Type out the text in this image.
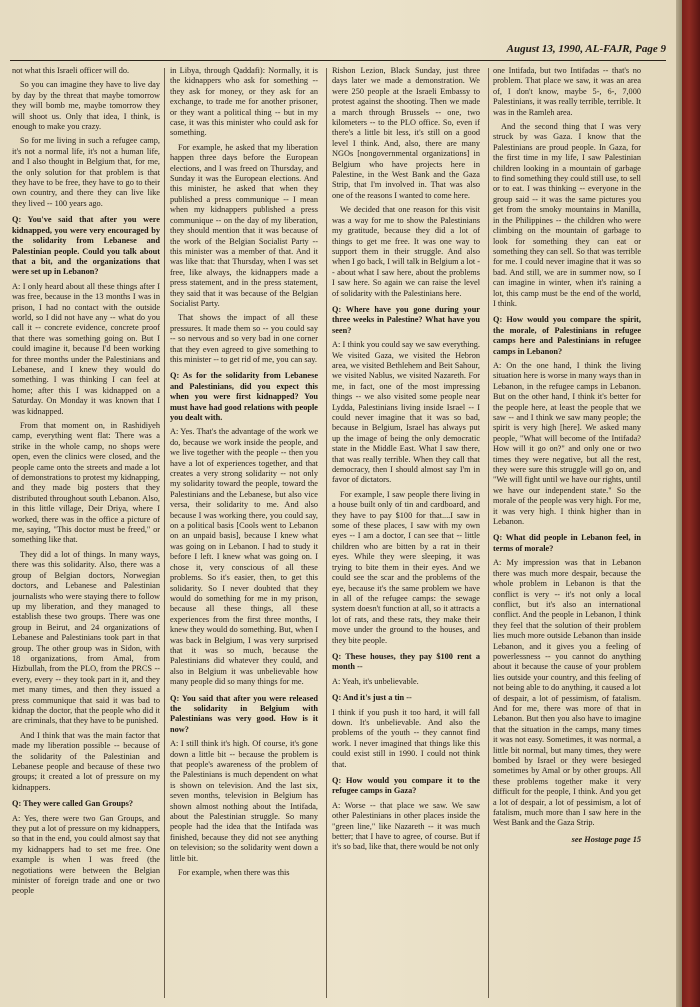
August 13, 1990, AL-FAJR, Page 9

not what this Israeli officer will do.

So you can imagine they have to live day by day by the threat that maybe tomorrow they will bomb me, maybe tomorrow they will shoot us. Only that idea, I think, is enough to make you crazy.

So for me living in such a refugee camp, it's not a normal life, it's not a human life, and I also thought in Belgium that, for me, the only solution for that problem is that they have to be free, they have to go to their own country, and there they can live like they lived -- 100 years ago.

Q: You've said that after you were kidnapped, you were very encouraged by the solidarity from Lebanese and Palestinian people. Could you talk about that a bit, and the organizations that were set up in Lebanon?

A: I only heard about all these things after I was free, because in the 13 months I was in prison, I had no contact with the outside world, so I did not have any -- what do you call it -- concrete evidence, concrete proof that there was something going on. But I could imagine it, because I'd been working for three months under the Palestinians and Lebanese, and I knew they would do something. I was thinking I can feel at home; after this I was kidnapped on a Saturday. On Monday it was known that I was kidnapped.

From that moment on, in Rashidiyeh camp, everything went flat: There was a strike in the whole camp, no shops were open, even the clinics were closed, and the people came onto the streets and made a lot of demonstrations to protest my kidnapping, and they made big posters that they distributed throughout south Lebanon. Also, in this little village, Deir Driya, where I worked, there was in the office a picture of me, saying, "This doctor must be freed," or something like that.

They did a lot of things. In many ways, there was this solidarity. Also, there was a group of Belgian doctors, Norwegian doctors, and Lebanese and Palestinian journalists who were staying there to follow up my liberation, and they managed to establish these two groups. There was one group in Beirut, and 24 organizations of Lebanese and Palestinians took part in that group. The other group was in Sidon, with 18 organizations, from Amal, from Hizbullah, from the PLO, from the PRCS -- every, every -- they took part in it, and they met many times, and then they issued a press communique that said it was bad to kidnap the doctor, that the people who did it are criminals, that they have to be punished.

And I think that was the main factor that made my liberation possible -- because of the solidarity of the Palestinian and Lebanese people and because of these two groups; it created a lot of pressure on my kidnappers.

Q: They were called Gan Groups?

A: Yes, there were two Gan Groups, and they put a lot of pressure on my kidnappers, so that in the end, you could almost say that my kidnappers had to set me free. One example is when I was freed (the negotiations were between the Belgian minister of foreign trade and one or two people

in Libya, through Qaddafi): Normally, it is the kidnappers who ask for something -- they ask for money, or they ask for an exchange, to trade me for another prisoner, or they want a political thing -- but in my case, it was this minister who could ask for something.

For example, he asked that my liberation happen three days before the European elections, and I was freed on Thursday, and Sunday it was the European elections. And this minister, he asked that when they published a press communique -- I mean when my kidnappers published a press communique -- on the day of my liberation, they should mention that it was because of the work of the Belgian Socialist Party -- this minister was a member of that. And it was like that: that Thursday, when I was set free, like always, the kidnappers made a press statement, and in the press statement, they said that it was because of the Belgian Socialist Party.

That shows the impact of all these pressures. It made them so -- you could say -- so nervous and so very bad in one corner that they even agreed to give something to this minister -- to get rid of me, you can say.

Q: As for the solidarity from Lebanese and Palestinians, did you expect this when you were first kidnapped? You must have had good relations with people you dealt with.

A: Yes. That's the advantage of the work we do, because we work inside the people, and we live together with the people -- then you have a lot of experiences together, and that creates a very strong solidarity -- not only my solidarity toward the people, toward the Palestinians and the Lebanese, but also vice versa, their solidarity to me. And also because I was working there, you could say, on a political basis [Cools went to Lebanon on an unpaid basis], because I knew what was going on in Lebanon. I had to study it before I left. I knew what was going on. I chose it, very conscious of all these problems. So it's easier, then, to get this solidarity. So I never doubted that they would do something for me in my prison, because all these things, all these experiences from the first three months, I knew they would do something. But, when I was back in Belgium, I was very surprised that it was so much, because the Palestinians did whatever they could, and also in Belgium it was unbelievable how many people did so many things for me.

Q: You said that after you were released the solidarity in Belgium with Palestinians was very good. How is it now?

A: I still think it's high. Of course, it's gone down a little bit -- because the problem is that people's awareness of the problem of the Palestinians is much dependent on what is shown on television. And the last six, seven months, television in Belgium has shown almost nothing about the Intifada, about the Palestinian struggle. So many people had the idea that the Intifada was finished, because they did not see anything on television; so the solidarity went down a little bit.

For example, when there was this

Rishon Lezion, Black Sunday, just three days later we made a demonstration. We were 250 people at the Israeli Embassy to protest against the shooting. Then we made a march through Brussels -- one, two kilometers -- to the PLO office. So, even if there's a little bit less, it's still on a good level I think. And, also, there are many NGOs [nongovernmental organizations] in Belgium who have projects here in Palestine, in the West Bank and the Gaza Strip, that I'm involved in. That was also one of the reasons I wanted to come here.

We decided that one reason for this visit was a way for me to show the Palestinians my gratitude, because they did a lot of things to get me free. It was one way to support them in their struggle. And also when I go back, I will talk in Belgium a lot -- about what I saw here, about the problems I saw here. So again we can raise the level of solidarity with the Palestinians here.

Q: Where have you gone during your three weeks in Palestine? What have you seen?

A: I think you could say we saw everything. We visited Gaza, we visited the Hebron area, we visited Bethlehem and Beit Sahour, we visited Nablus, we visited Nazareth. For me, in fact, one of the most impressing things -- we also visited some people near Lydda, Palestinians living inside Israel -- I could never imagine that it was so bad, because in Belgium, Israel has always put up the image of being the only democratic state in the Middle East. What I saw there, that was really terrible. When they call that democracy, then I should almost say I'm in favor of dictators.

For example, I saw people there living in a house built only of tin and cardboard, and they have to pay $100 for that....I saw in some of these places, I saw with my own eyes -- I am a doctor, I can see that -- little children who are bitten by a rat in their eyes. While they were sleeping, it was trying to bite them in their eyes. And we could see the scar and the problems of the eye, because it's the same problem we have in all of the refugee camps: the sewage system doesn't function at all, so it attracts a lot of rats, and these rats, they make their move under the ground to the houses, and they bite people.

Q: These houses, they pay $100 rent a month --

A: Yeah, it's unbelievable.

Q: And it's just a tin --

I think if you push it too hard, it will fall down. It's unbelievable. And also the problems of the youth -- they cannot find work. I never imagined that things like this could exist still in 1990. I could not think that.

Q: How would you compare it to the refugee camps in Gaza?

A: Worse -- that place we saw. We saw other Palestinians in other places inside the "green line," like Nazareth -- it was much better; that I have to agree, of course. But if it's so bad, like that, there would be not only

one Intifada, but two Intifadas -- that's no problem. That place we saw, it was an area of, I don't know, maybe 5-, 6-, 7,000 Palestinians, it was really terrible, terrible. It was in the Ramleh area.

And the second thing that I was very struck by was Gaza. I know that the Palestinians are proud people. In Gaza, for the first time in my life, I saw Palestinian children looking in a mountain of garbage to find something they could still use, to sell or to eat. I was thinking -- everyone in the group said -- it was the same pictures you get from the smoky mountains in Manilla, in the Philippines -- the children who were climbing on the mountain of garbage to look for something they can eat or something they can sell. So that was terrible for me. I could never imagine that it was so bad. And still, we are in summer now, so I can imagine in winter, when it's raining a lot, this camp must be the end of the world, I think.

Q: How would you compare the spirit, the morale, of Palestinians in refugee camps here and Palestinians in refugee camps in Lebanon?

A: On the one hand, I think the living situation here is worse in many ways than in Lebanon, in the refugee camps in Lebanon. But on the other hand, I think it's better for the people here, at least the people that we saw -- and I think we saw many people; the spirit is very high [here]. We asked many people, "What will become of the Intifada? How will it go on?" and only one or two times they were negative, but all the rest, they were sure this struggle will go on, and "We will fight until we have our rights, until we have our independent state." So the morale of the people was very high. For me, it was very high. I think higher than in Lebanon.

Q: What did people in Lebanon feel, in terms of morale?

A: My impression was that in Lebanon there was much more despair, because the whole problem in Lebanon is that the conflict is very -- it's not only a local conflict, but it's also an international conflict. And the people in Lebanon, I think they feel that the solution of their problem lies much more outside Lebanon than inside Lebanon, and it gives you a feeling of powerlessness -- you cannot do anything about it because the cause of your problem lies outside your country, and this feeling of not being able to do anything, it caused a lot of despair, a lot of pessimism, of fatalism. And for me, there was more of that in Lebanon. But then you also have to imagine that the situation in the camps, many times it was not easy. Sometimes, it was normal, a little bit normal, but many times, they were bombed by Israel or they were besieged sometimes by Amal or by other groups. All these problems together make it very difficult for the people, I think. And you get a lot of despair, a lot of pessimism, a lot of fatalism, much more than I saw here in the West Bank and the Gaza Strip.

see Hostage page 15
